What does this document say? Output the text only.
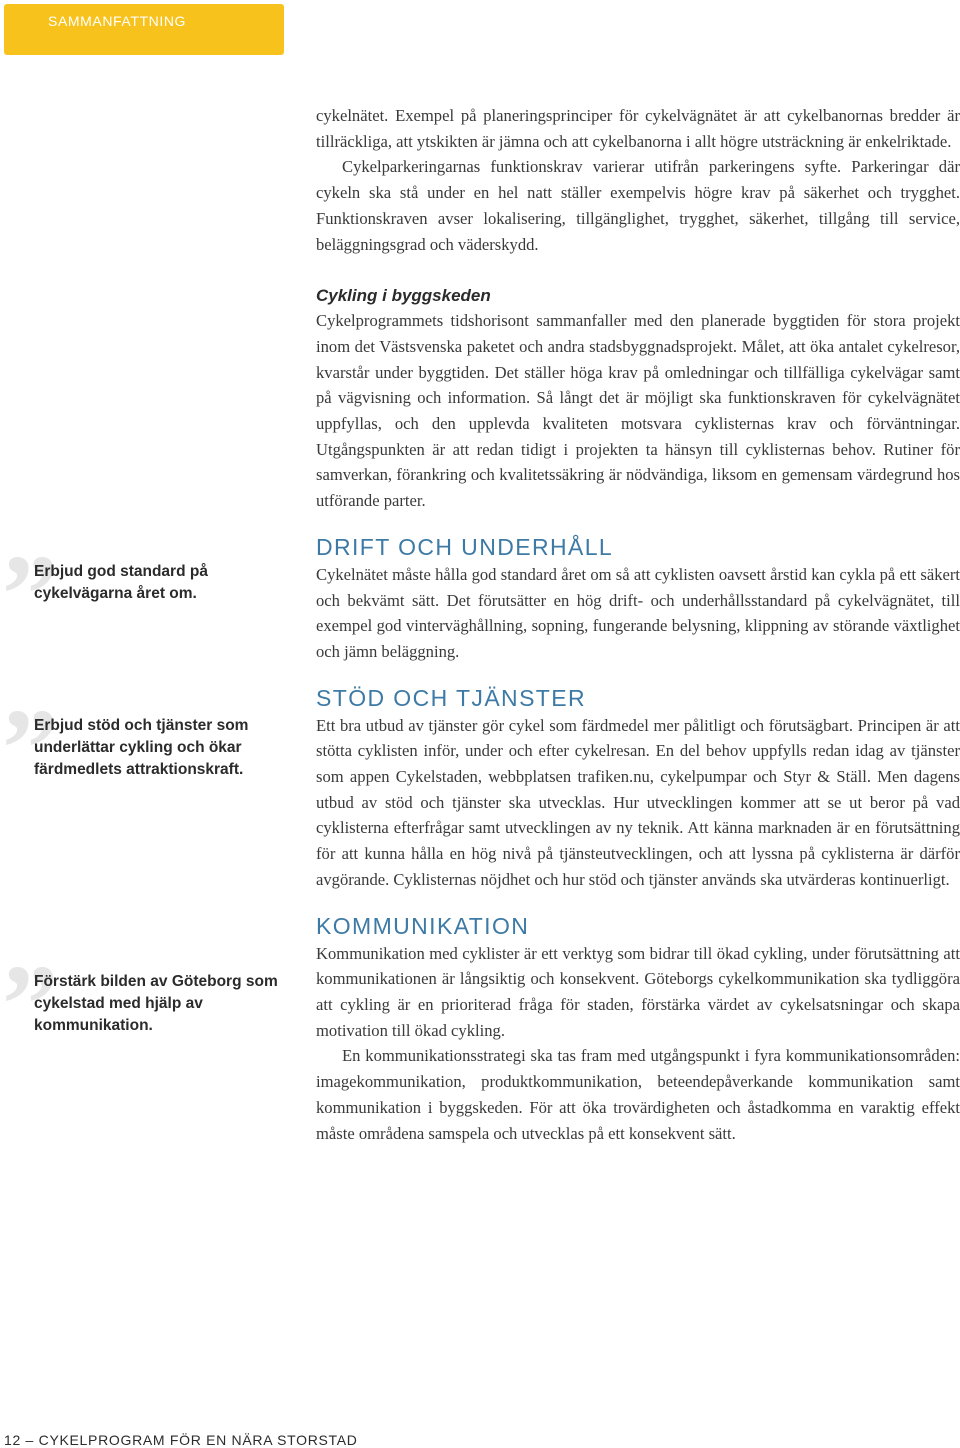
SAMMANFATTNING

cykelnätet. Exempel på planeringsprinciper för cykelvägnätet är att cykelbanornas bredder är tillräckliga, att ytskikten är jämna och att cykelbanorna i allt högre utsträckning är enkelriktade.

Cykelparkeringarnas funktionskrav varierar utifrån parkeringens syfte. Parkeringar där cykeln ska stå under en hel natt ställer exempelvis högre krav på säkerhet och trygghet. Funktionskraven avser lokalisering, tillgänglighet, trygghet, säkerhet, tillgång till service, beläggningsgrad och väderskydd.

Cykling i byggskeden

Cykelprogrammets tidshorisont sammanfaller med den planerade byggtiden för stora projekt inom det Västsvenska paketet och andra stadsbyggnadsprojekt. Målet, att öka antalet cykelresor, kvarstår under byggtiden. Det ställer höga krav på omledningar och tillfälliga cykelvägar samt på vägvisning och information. Så långt det är möjligt ska funktionskraven för cykelvägnätet uppfyllas, och den upplevda kvaliteten motsvara cyklisternas krav och förväntningar. Utgångspunkten är att redan tidigt i projekten ta hänsyn till cyklisternas behov. Rutiner för samverkan, förankring och kvalitetssäkring är nödvändiga, liksom en gemensam värdegrund hos utförande parter.

DRIFT OCH UNDERHÅLL

Cykelnätet måste hålla god standard året om så att cyklisten oavsett årstid kan cykla på ett säkert och bekvämt sätt. Det förutsätter en hög drift- och underhållsstandard på cykelvägnätet, till exempel god vinterväghållning, sopning, fungerande belysning, klippning av störande växtlighet och jämn beläggning.

STÖD OCH TJÄNSTER

Ett bra utbud av tjänster gör cykel som färdmedel mer pålitligt och förutsägbart. Principen är att stötta cyklisten inför, under och efter cykelresan. En del behov uppfylls redan idag av tjänster som appen Cykelstaden, webbplatsen trafiken.nu, cykelpumpar och Styr & Ställ. Men dagens utbud av stöd och tjänster ska utvecklas. Hur utvecklingen kommer att se ut beror på vad cyklisterna efterfrågar samt utvecklingen av ny teknik. Att känna marknaden är en förutsättning för att kunna hålla en hög nivå på tjänsteutvecklingen, och att lyssna på cyklisterna är därför avgörande. Cyklisternas nöjdhet och hur stöd och tjänster används ska utvärderas kontinuerligt.

KOMMUNIKATION

Kommunikation med cyklister är ett verktyg som bidrar till ökad cykling, under förutsättning att kommunikationen är långsiktig och konsekvent. Göteborgs cykelkommunikation ska tydliggöra att cykling är en prioriterad fråga för staden, förstärka värdet av cykelsatsningar och skapa motivation till ökad cykling.

En kommunikationsstrategi ska tas fram med utgångspunkt i fyra kommunikationsområden: imagekommunikation, produktkommunikation, beteendepåverkande kommunikation samt kommunikation i byggskeden. För att öka trovärdigheten och åstadkomma en varaktig effekt måste områdena samspela och utvecklas på ett konsekvent sätt.

”
Erbjud god standard på cykelvägarna året om.
”
Erbjud stöd och tjänster som underlättar cykling och ökar färdmedlets attraktionskraft.
”
Förstärk bilden av Göteborg som cykelstad med hjälp av kommunikation.
12 – CYKELPROGRAM FÖR EN NÄRA STORSTAD
